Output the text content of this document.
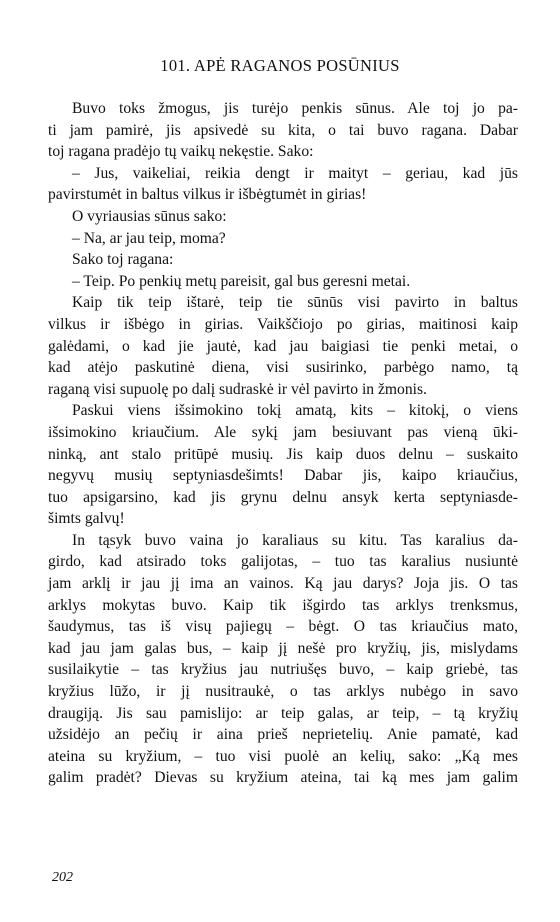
101. APĖ RAGANOS POSŪNIUS

Buvo toks žmogus, jis turėjo penkis sūnus. Ale toj jo pa-

ti jam pamirė, jis apsivedė su kita, o tai buvo ragana. Dabar

toj ragana pradėjo tų vaikų nekęstie. Sako:

– Jus, vaikeliai, reikia dengt ir maityt – geriau, kad jūs

pavirstumėt in baltus vilkus ir išbėgtumėt in girias!

O vyriausias sūnus sako:

– Na, ar jau teip, moma?

Sako toj ragana:

– Teip. Po penkių metų pareisit, gal bus geresni metai.

Kaip tik teip ištarė, teip tie sūnūs visi pavirto in baltus

vilkus ir išbėgo in girias. Vaikščiojo po girias, maitinosi kaip

galėdami, o kad jie jautė, kad jau baigiasi tie penki metai, o

kad atėjo paskutinė diena, visi susirinko, parbėgo namo, tą

raganą visi supuolę po dalį sudraskė ir vėl pavirto in žmonis.

Paskui viens išsimokino tokį amatą, kits – kitokį, o viens

išsimokino kriaučium. Ale sykį jam besiuvant pas vieną ūki-

ninką, ant stalo pritūpė musių. Jis kaip duos delnu – suskaito

negyvų musių septyniasdešimts! Dabar jis, kaipo kriaučius,

tuo apsigarsino, kad jis grynu delnu ansyk kerta septyniasde-

šimts galvų!

In tąsyk buvo vaina jo karaliaus su kitu. Tas karalius da-

girdo, kad atsirado toks galijotas, – tuo tas karalius nusiuntė

jam arklį ir jau jį ima an vainos. Ką jau darys? Joja jis. O tas

arklys mokytas buvo. Kaip tik išgirdo tas arklys trenksmus,

šaudymus, tas iš visų pajiegų – bėgt. O tas kriaučius mato,

kad jau jam galas bus, – kaip jį nešė pro kryžių, jis, mislydams

susilaikytie – tas kryžius jau nutriušęs buvo, – kaip griebė, tas

kryžius lūžo, ir jį nusitraukė, o tas arklys nubėgo in savo

draugiją. Jis sau pamislijo: ar teip galas, ar teip, – tą kryžių

užsidėjo an pečių ir aina prieš neprietelių. Anie pamatė, kad

ateina su kryžium, – tuo visi puolė an kelių, sako: „Ką mes

galim pradėt? Dievas su kryžium ateina, tai ką mes jam galim

202
